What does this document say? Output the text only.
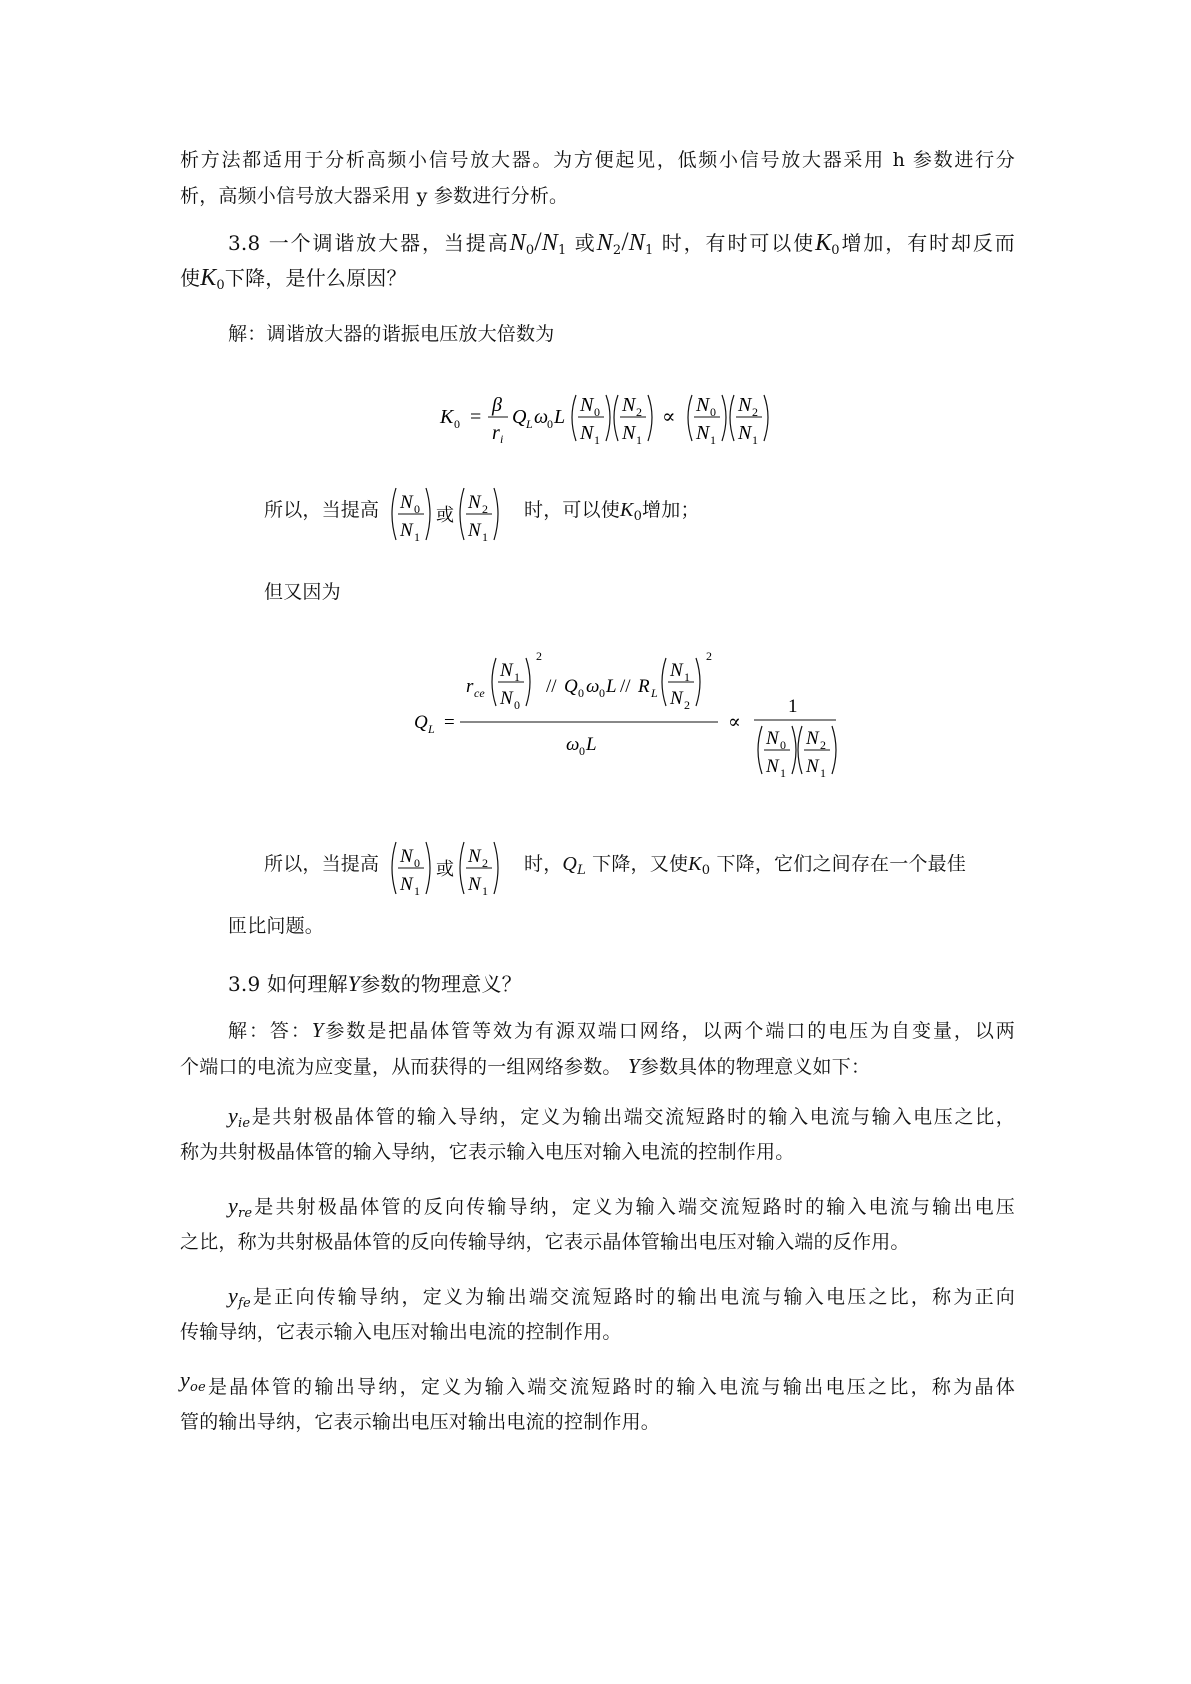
析方法都适用于分析高频小信号放大器。为方便起见，低频小信号放大器采用 h 参数进行分
析，高频小信号放大器采用 y 参数进行分析。
3.8 一个调谐放大器，当提高$N_0/N_1$ 或$N_2/N_1$ 时，有时可以使$K_0$增加，有时却反而
使$K_0$下降，是什么原因？
解：调谐放大器的谐振电压放大倍数为
K 0 =
β
r i
Q L ω
0 L
N 0
N 1
N 2
N 1
∝
N 0
N 1
N 2
N 1
所以，当提高	N 0
N 1
或
N 2
N 1
时，可以使$K_0$增加；
但又因为
Q L =
r ce
N 1
N 0
2
// Q 0 ω 0 L // R L
N 1
N 2
2
ω 0 L
∝
1
N 0
N 1
N 2
N 1
所以，当提高	N 0
N 1
或
N 2
N 1
时，$Q_L$ 下降，又使$K_0$ 下降，它们之间存在一个最佳
匝比问题。
3.9 如何理解Y参数的物理意义？
解：答：Y参数是把晶体管等效为有源双端口网络，以两个端口的电压为自变量，以两
个端口的电流为应变量，从而获得的一组网络参数。 Y参数具体的物理意义如下：
$y_{ie}$是共射极晶体管的输入导纳，定义为输出端交流短路时的输入电流与输入电压之比，
称为共射极晶体管的输入导纳，它表示输入电压对输入电流的控制作用。
$y_{re}$是共射极晶体管的反向传输导纳，定义为输入端交流短路时的输入电流与输出电压
之比，称为共射极晶体管的反向传输导纳，它表示晶体管输出电压对输入端的反作用。
$y_{fe}$是正向传输导纳，定义为输出端交流短路时的输出电流与输入电压之比，称为正向
传输导纳，它表示输入电压对输出电流的控制作用。
yoe是晶体管的输出导纳，定义为输入端交流短路时的输入电流与输出电压之比，称为晶体
管的输出导纳，它表示输出电压对输出电流的控制作用。
